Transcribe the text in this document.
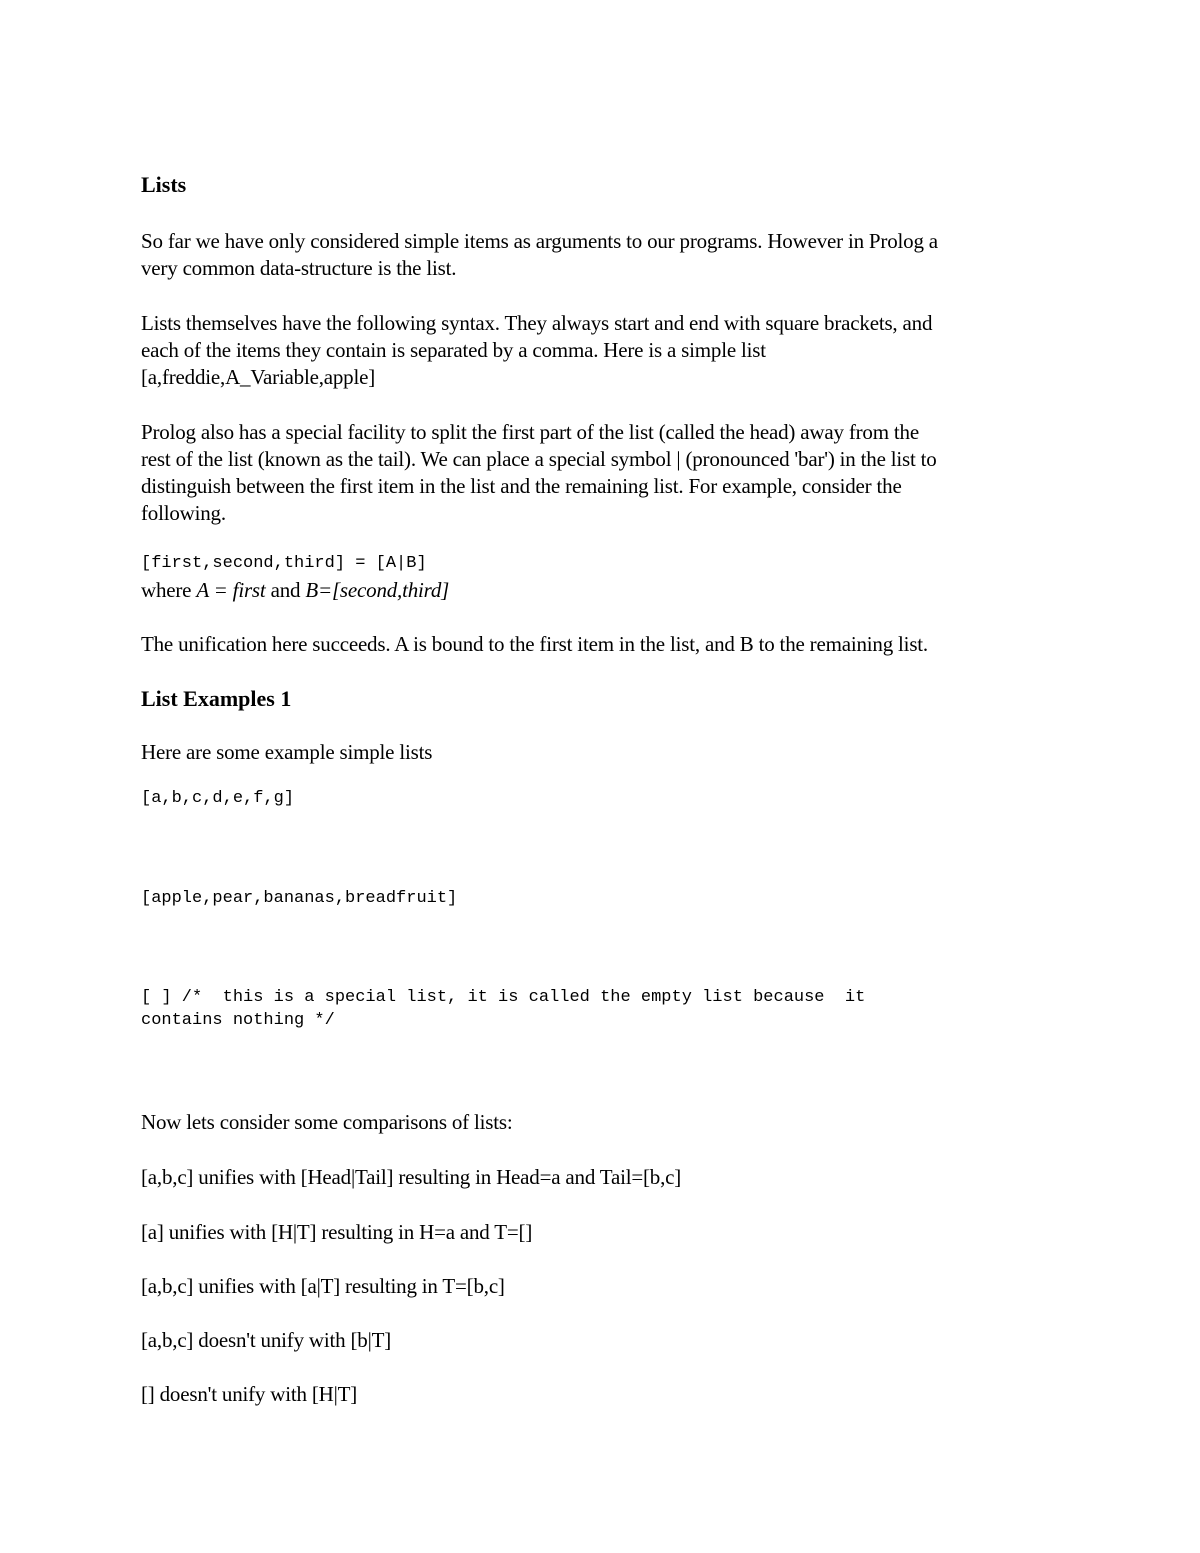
Lists
So far we have only considered simple items as arguments to our programs. However in Prolog a
very common data-structure is the list.
Lists themselves have the following syntax. They always start and end with square brackets, and
each of the items they contain is separated by a comma. Here is a simple list
[a,freddie,A_Variable,apple]
Prolog also has a special facility to split the first part of the list (called the head) away from the
rest of the list (known as the tail). We can place a special symbol | (pronounced 'bar') in the list to
distinguish between the first item in the list and the remaining list. For example, consider the
following.
[first,second,third] = [A|B]
where A = first and B=[second,third]
The unification here succeeds. A is bound to the first item in the list, and B to the remaining list.
List Examples 1
Here are some example simple lists
[a,b,c,d,e,f,g]
[apple,pear,bananas,breadfruit]
[ ] /*  this is a special list, it is called the empty list because  it
contains nothing */
Now lets consider some comparisons of lists:
[a,b,c] unifies with [Head|Tail] resulting in Head=a and Tail=[b,c]
[a] unifies with [H|T] resulting in H=a and T=[]
[a,b,c] unifies with [a|T] resulting in T=[b,c]
[a,b,c] doesn't unify with [b|T]
[] doesn't unify with [H|T]
